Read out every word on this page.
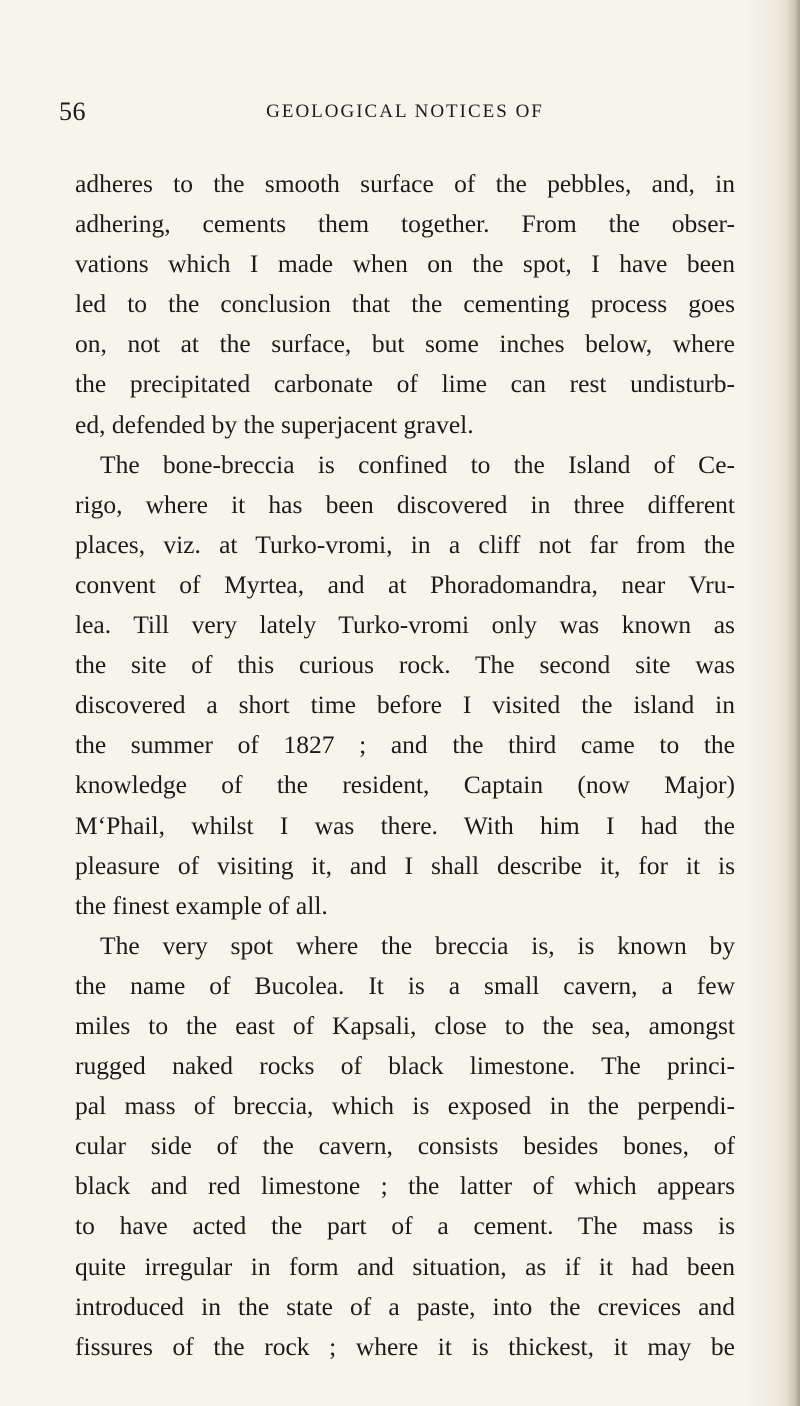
56	GEOLOGICAL NOTICES OF
adheres to the smooth surface of the pebbles, and, in
adhering, cements them together. From the obser-
vations which I made when on the spot, I have been
led to the conclusion that the cementing process goes
on, not at the surface, but some inches below, where
the precipitated carbonate of lime can rest undisturb-
ed, defended by the superjacent gravel.
The bone-breccia is confined to the Island of Ce-
rigo, where it has been discovered in three different
places, viz. at Turko-vromi, in a cliff not far from the
convent of Myrtea, and at Phoradomandra, near Vru-
lea. Till very lately Turko-vromi only was known as
the site of this curious rock. The second site was
discovered a short time before I visited the island in
the summer of 1827 ; and the third came to the
knowledge of the resident, Captain (now Major)
M‘Phail, whilst I was there. With him I had the
pleasure of visiting it, and I shall describe it, for it is
the finest example of all.
The very spot where the breccia is, is known by
the name of Bucolea. It is a small cavern, a few
miles to the east of Kapsali, close to the sea, amongst
rugged naked rocks of black limestone. The princi-
pal mass of breccia, which is exposed in the perpendi-
cular side of the cavern, consists besides bones, of
black and red limestone ; the latter of which appears
to have acted the part of a cement. The mass is
quite irregular in form and situation, as if it had been
introduced in the state of a paste, into the crevices and
fissures of the rock ; where it is thickest, it may be
